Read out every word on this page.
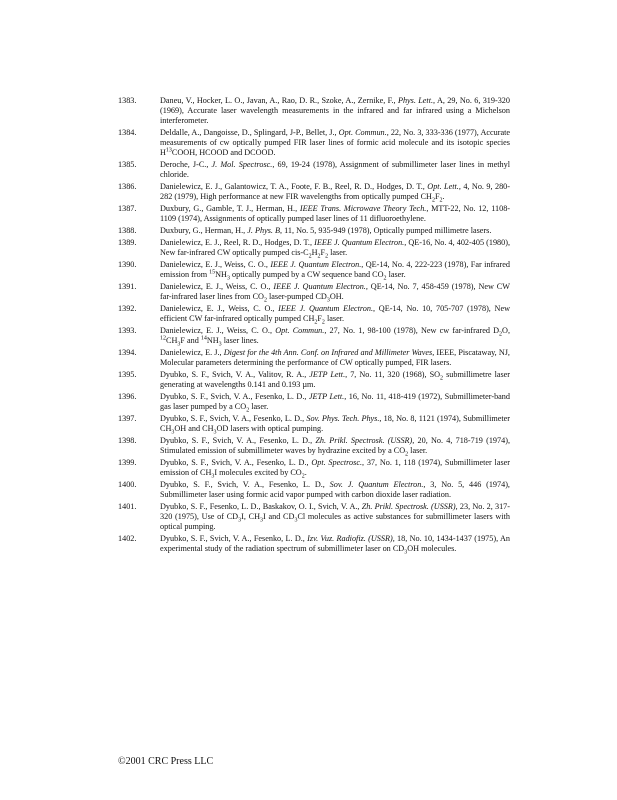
1383.	Daneu, V., Hocker, L. O., Javan, A., Rao, D. R., Szoke, A., Zernike, F., Phys. Lett., A, 29, No. 6, 319-320 (1969), Accurate laser wavelength measurements in the infrared and far infrared using a Michelson interferometer.
1384.	Deldalle, A., Dangoisse, D., Splingard, J-P., Bellet, J., Opt. Commun., 22, No. 3, 333-336 (1977), Accurate measurements of cw optically pumped FIR laser lines of formic acid molecule and its isotopic species $H^{13}COOH$, HCOOD and DCOOD.
1385.	Deroche, J-C., J. Mol. Spectrosc., 69, 19-24 (1978), Assignment of submillimeter laser lines in methyl chloride.
1386.	Danielewicz, E. J., Galantowicz, T. A., Foote, F. B., Reel, R. D., Hodges, D. T., Opt. Lett., 4, No. 9, 280-282 (1979), High performance at new FIR wavelengths from optically pumped $CH_2F_2$.
1387.	Duxbury, G., Gamble, T. J., Herman, H., IEEE Trans. Microwave Theory Tech., MTT-22, No. 12, 1108-1109 (1974), Assignments of optically pumped laser lines of 11 difluoroethylene.
1388.	Duxbury, G., Herman, H., J. Phys. B, 11, No. 5, 935-949 (1978), Optically pumped millimetre lasers.
1389.	Danielewicz, E. J., Reel, R. D., Hodges, D. T., IEEE J. Quantum Electron., QE-16, No. 4, 402-405 (1980), New far-infrared CW optically pumped cis-$C_2H_2F_2$ laser.
1390.	Danielewicz, E. J., Weiss, C. O., IEEE J. Quantum Electron., QE-14, No. 4, 222-223 (1978), Far infrared emission from $^{15}NH_3$ optically pumped by a CW sequence band $CO_2$ laser.
1391.	Danielewicz, E. J., Weiss, C. O., IEEE J. Quantum Electron., QE-14, No. 7, 458-459 (1978), New CW far-infrared laser lines from $CO_2$ laser-pumped $CD_3OH$.
1392.	Danielewicz, E. J., Weiss, C. O., IEEE J. Quantum Electron., QE-14, No. 10, 705-707 (1978), New efficient CW far-infrared optically pumped $CH_2F_2$ laser.
1393.	Danielewicz, E. J., Weiss, C. O., Opt. Commun., 27, No. 1, 98-100 (1978), New cw far-infrared $D_2O$, $^{12}CH_3F$ and $^{14}NH_3$ laser lines.
1394.	Danielewicz, E. J., Digest for the 4th Ann. Conf. on Infrared and Millimeter Waves, IEEE, Piscataway, NJ, Molecular parameters determining the performance of CW optically pumped, FIR lasers.
1395.	Dyubko, S. F., Svich, V. A., Valitov, R. A., JETP Lett., 7, No. 11, 320 (1968), $SO_2$ submillimetre laser generating at wavelengths 0.141 and 0.193 µm.
1396.	Dyubko, S. F., Svich, V. A., Fesenko, L. D., JETP Lett., 16, No. 11, 418-419 (1972), Submillimeter-band gas laser pumped by a $CO_2$ laser.
1397.	Dyubko, S. F., Svich, V. A., Fesenko, L. D., Sov. Phys. Tech. Phys., 18, No. 8, 1121 (1974), Submillimeter $CH_3OH$ and $CH_3OD$ lasers with optical pumping.
1398.	Dyubko, S. F., Svich, V. A., Fesenko, L. D., Zh. Prikl. Spectrosk. (USSR), 20, No. 4, 718-719 (1974), Stimulated emission of submillimeter waves by hydrazine excited by a $CO_2$ laser.
1399.	Dyubko, S. F., Svich, V. A., Fesenko, L. D., Opt. Spectrosc., 37, No. 1, 118 (1974), Submillimeter laser emission of $CH_3I$ molecules excited by $CO_2$.
1400.	Dyubko, S. F., Svich, V. A., Fesenko, L. D., Sov. J. Quantum Electron., 3, No. 5, 446 (1974), Submillimeter laser using formic acid vapor pumped with carbon dioxide laser radiation.
1401.	Dyubko, S. F., Fesenko, L. D., Baskakov, O. I., Svich, V. A., Zh. Prikl. Spectrosk. (USSR), 23, No. 2, 317-320 (1975), Use of $CD_3I$, $CH_3I$ and $CD_3Cl$ molecules as active substances for submillimeter lasers with optical pumping.
1402.	Dyubko, S. F., Svich, V. A., Fesenko, L. D., Izv. Vuz. Radiofiz. (USSR), 18, No. 10, 1434-1437 (1975), An experimental study of the radiation spectrum of submillimeter laser on $CD_3OH$ molecules.
©2001 CRC Press LLC
